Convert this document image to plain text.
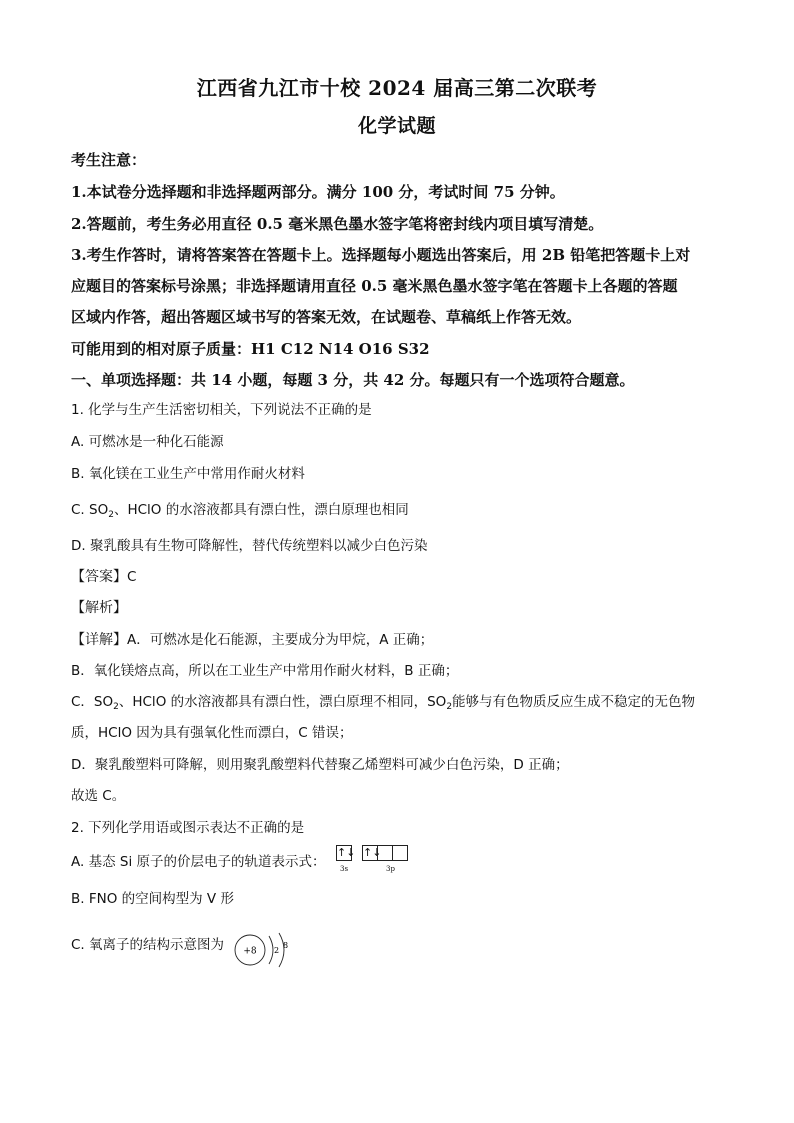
江西省九江市十校 2024 届高三第二次联考
化学试题
考生注意：
1.本试卷分选择题和非选择题两部分。满分 100 分，考试时间 75 分钟。
2.答题前，考生务必用直径 0.5 毫米黑色墨水签字笔将密封线内项目填写清楚。
3.考生作答时，请将答案答在答题卡上。选择题每小题选出答案后，用 2B 铅笔把答题卡上对
应题目的答案标号涂黑；非选择题请用直径 0.5 毫米黑色墨水签字笔在答题卡上各题的答题
区域内作答，超出答题区域书写的答案无效，在试题卷、草稿纸上作答无效。
可能用到的相对原子质量：H1 C12 N14 O16 S32
一、单项选择题：共 14 小题，每题 3 分，共 42 分。每题只有一个选项符合题意。
1. 化学与生产生活密切相关，下列说法不正确的是
A. 可燃冰是一种化石能源
B. 氧化镁在工业生产中常用作耐火材料
C. $SO_2$、HClO 的水溶液都具有漂白性，漂白原理也相同
D. 聚乳酸具有生物可降解性，替代传统塑料以减少白色污染
【答案】C
【解析】
【详解】A．可燃冰是化石能源，主要成分为甲烷，A 正确；
B．氧化镁熔点高，所以在工业生产中常用作耐火材料，B 正确；
C．$SO_2$、HClO 的水溶液都具有漂白性，漂白原理不相同，$SO_2$能够与有色物质反应生成不稳定的无色物
质，HClO 因为具有强氧化性而漂白，C 错误；
D．聚乳酸塑料可降解，则用聚乳酸塑料代替聚乙烯塑料可减少白色污染，D 正确；
故选 C。
2. 下列化学用语或图示表达不正确的是
A. 基态 Si 原子的价层电子的轨道表示式：
↑↓ ↑↓
3s	3p
B. FNO 的空间构型为 V 形
C. 氧离子的结构示意图为 +8 2
8
